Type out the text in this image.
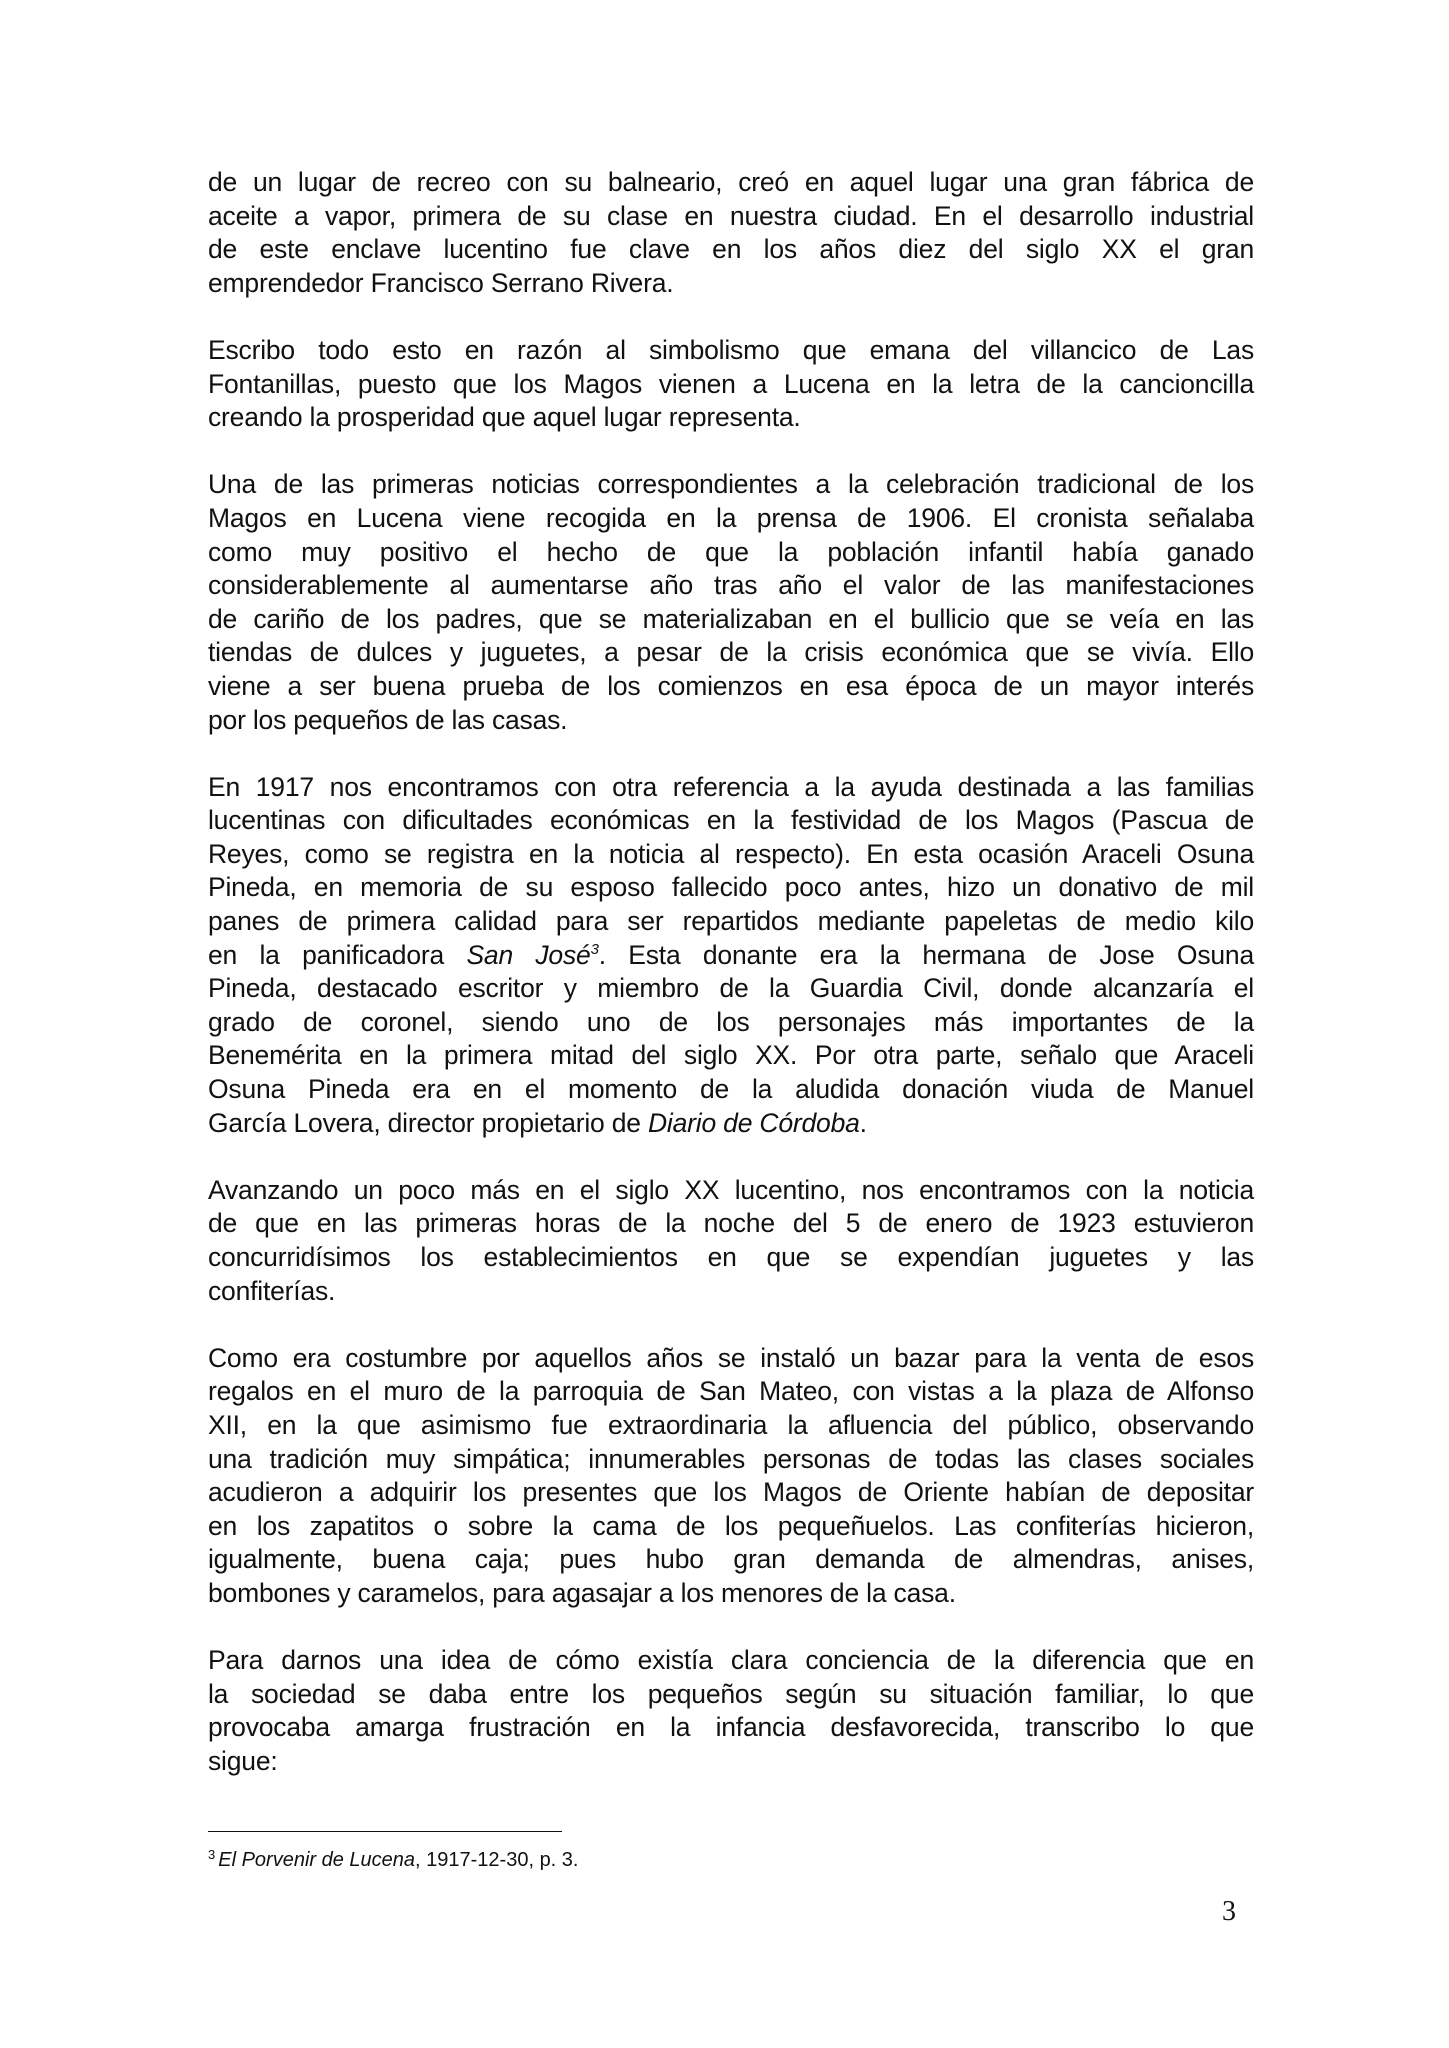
de un lugar de recreo con su balneario, creó en aquel lugar una gran fábrica de
aceite a vapor, primera de su clase en nuestra ciudad. En el desarrollo industrial
de este enclave lucentino fue clave en los años diez del siglo XX el gran
emprendedor Francisco Serrano Rivera.

Escribo todo esto en razón al simbolismo que emana del villancico de Las
Fontanillas, puesto que los Magos vienen a Lucena en la letra de la cancioncilla
creando la prosperidad que aquel lugar representa.

Una de las primeras noticias correspondientes a la celebración tradicional de los
Magos en Lucena viene recogida en la prensa de 1906. El cronista señalaba
como muy positivo el hecho de que la población infantil había ganado
considerablemente al aumentarse año tras año el valor de las manifestaciones
de cariño de los padres, que se materializaban en el bullicio que se veía en las
tiendas de dulces y juguetes, a pesar de la crisis económica que se vivía. Ello
viene a ser buena prueba de los comienzos en esa época de un mayor interés
por los pequeños de las casas.

En 1917 nos encontramos con otra referencia a la ayuda destinada a las familias
lucentinas con dificultades económicas en la festividad de los Magos (Pascua de
Reyes, como se registra en la noticia al respecto). En esta ocasión Araceli Osuna
Pineda, en memoria de su esposo fallecido poco antes, hizo un donativo de mil
panes de primera calidad para ser repartidos mediante papeletas de medio kilo
en la panificadora San José$^3$. Esta donante era la hermana de Jose Osuna
Pineda, destacado escritor y miembro de la Guardia Civil, donde alcanzaría el
grado de coronel, siendo uno de los personajes más importantes de la
Benemérita en la primera mitad del siglo XX. Por otra parte, señalo que Araceli
Osuna Pineda era en el momento de la aludida donación viuda de Manuel
García Lovera, director propietario de Diario de Córdoba.

Avanzando un poco más en el siglo XX lucentino, nos encontramos con la noticia
de que en las primeras horas de la noche del 5 de enero de 1923 estuvieron
concurridísimos los establecimientos en que se expendían juguetes y las
confiterías.

Como era costumbre por aquellos años se instaló un bazar para la venta de esos
regalos en el muro de la parroquia de San Mateo, con vistas a la plaza de Alfonso
XII, en la que asimismo fue extraordinaria la afluencia del público, observando
una tradición muy simpática; innumerables personas de todas las clases sociales
acudieron a adquirir los presentes que los Magos de Oriente habían de depositar
en los zapatitos o sobre la cama de los pequeñuelos. Las confiterías hicieron,
igualmente, buena caja; pues hubo gran demanda de almendras, anises,
bombones y caramelos, para agasajar a los menores de la casa.

Para darnos una idea de cómo existía clara conciencia de la diferencia que en
la sociedad se daba entre los pequeños según su situación familiar, lo que
provocaba amarga frustración en la infancia desfavorecida, transcribo lo que
sigue:

$^3$ El Porvenir de Lucena, 1917-12-30, p. 3.
3
